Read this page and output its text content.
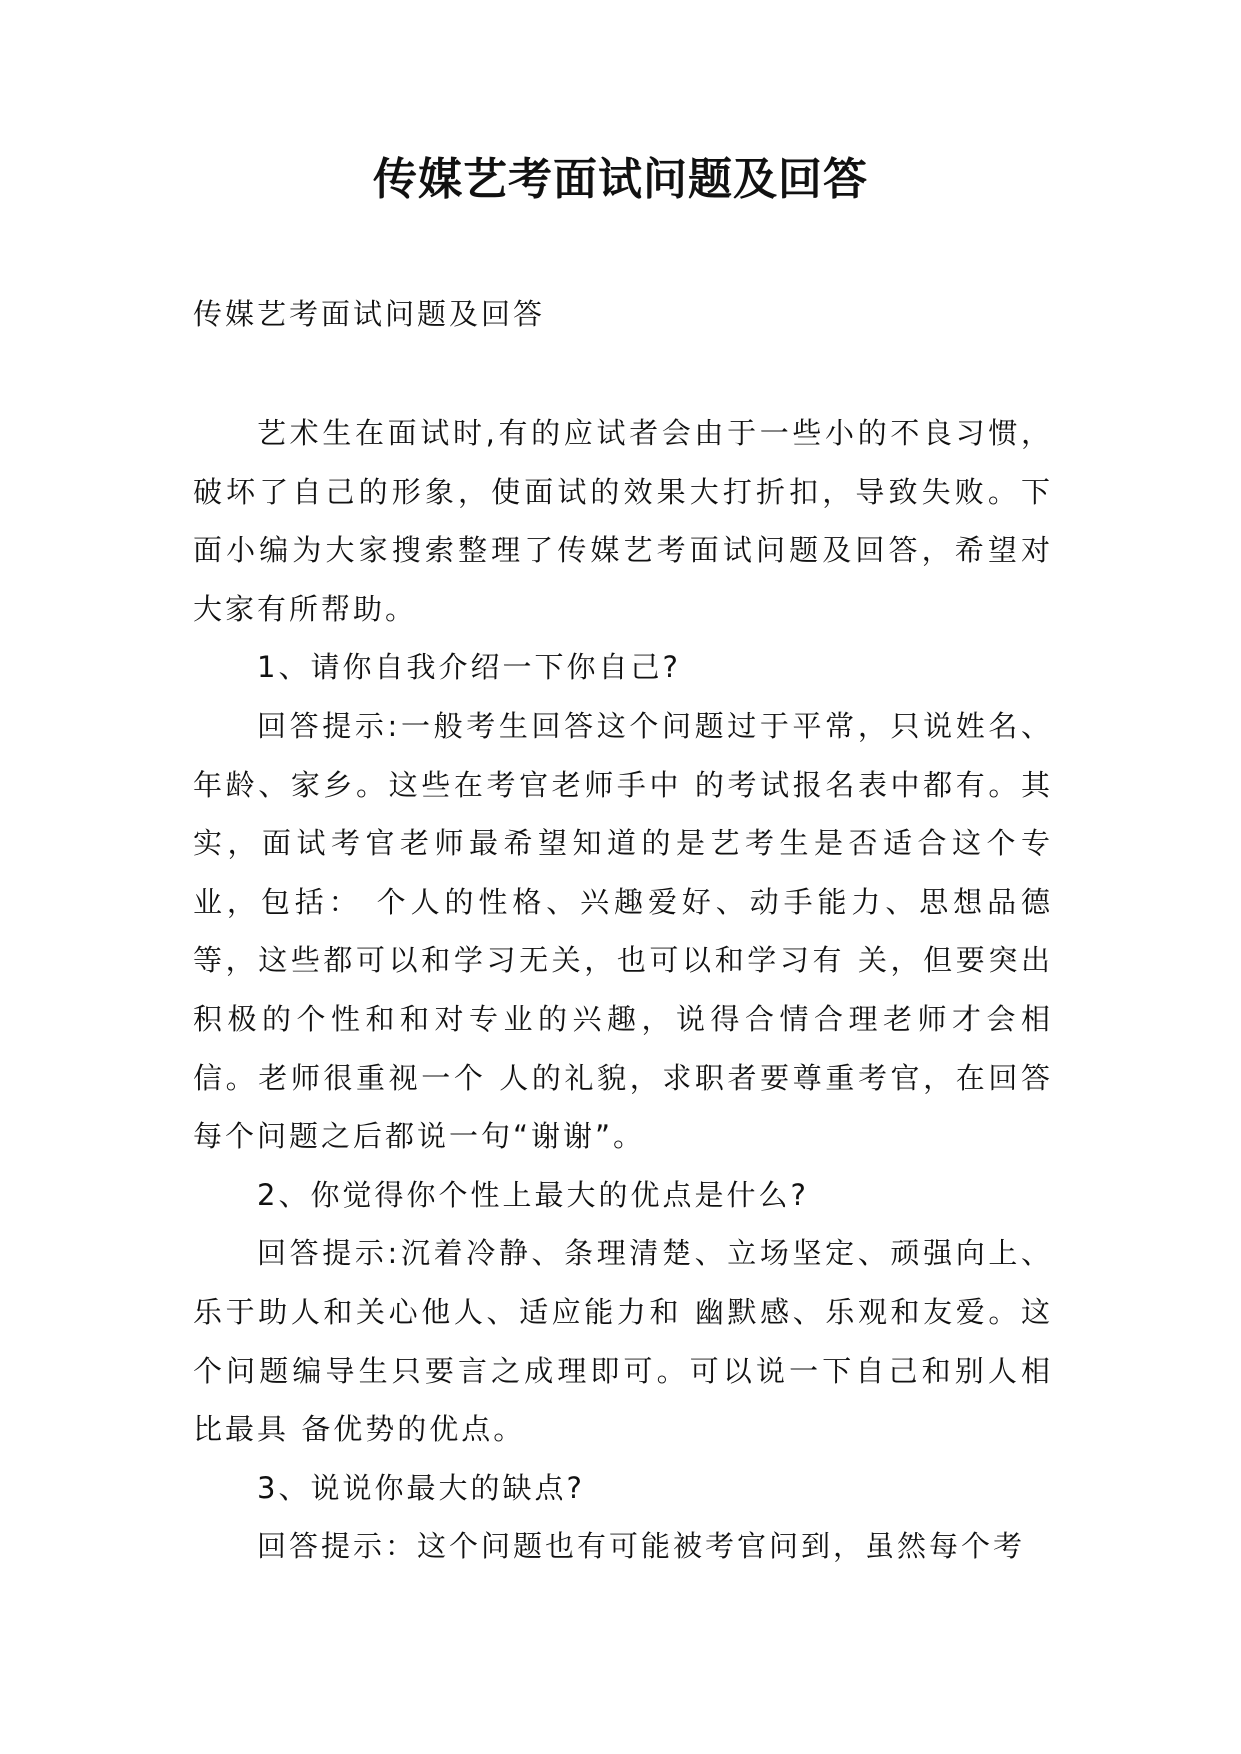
传媒艺考面试问题及回答
传媒艺考面试问题及回答

艺术生在面试时,有的应试者会由于一些小的不良习惯，破坏了自己的形象，使面试的效果大打折扣，导致失败。下面小编为大家搜索整理了传媒艺考面试问题及回答，希望对大家有所帮助。

1、请你自我介绍一下你自己?

回答提示:一般考生回答这个问题过于平常，只说姓名、年龄、家乡。这些在考官老师手中 的考试报名表中都有。其实，面试考官老师最希望知道的是艺考生是否适合这个专业，包括： 个人的性格、兴趣爱好、动手能力、思想品德等，这些都可以和学习无关，也可以和学习有 关，但要突出积极的个性和和对专业的兴趣，说得合情合理老师才会相信。老师很重视一个 人的礼貌，求职者要尊重考官，在回答每个问题之后都说一句“谢谢”。

2、你觉得你个性上最大的优点是什么?

回答提示:沉着冷静、条理清楚、立场坚定、顽强向上、乐于助人和关心他人、适应能力和 幽默感、乐观和友爱。这个问题编导生只要言之成理即可。可以说一下自己和别人相比最具 备优势的优点。

3、说说你最大的缺点?

回答提示：这个问题也有可能被考官问到，虽然每个考
